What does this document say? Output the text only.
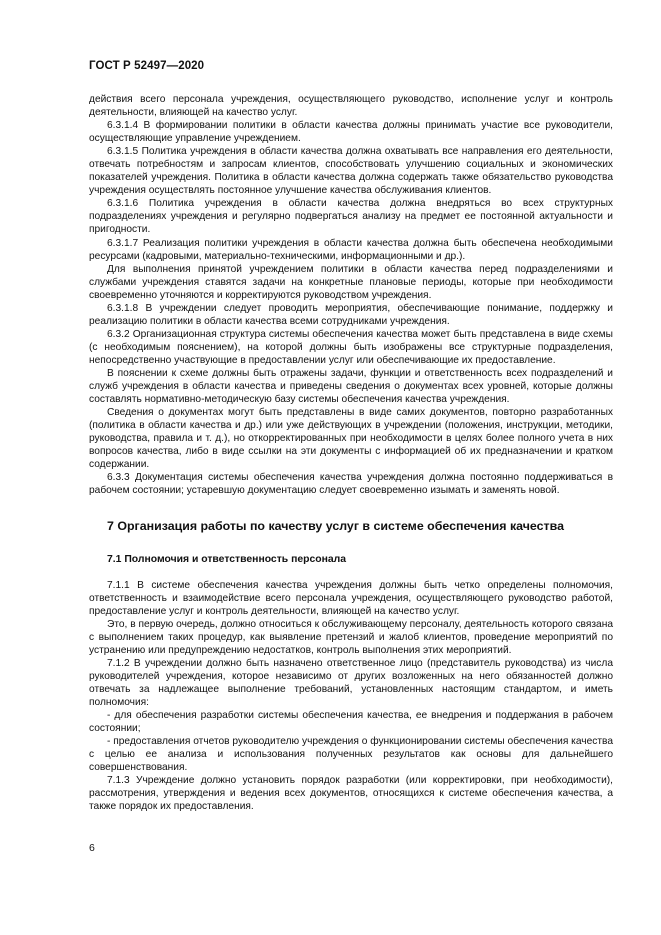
ГОСТ Р 52497—2020

действия всего персонала учреждения, осуществляющего руководство, исполнение услуг и контроль деятельности, влияющей на качество услуг.

6.3.1.4 В формировании политики в области качества должны принимать участие все руководители, осуществляющие управление учреждением.

6.3.1.5 Политика учреждения в области качества должна охватывать все направления его деятельности, отвечать потребностям и запросам клиентов, способствовать улучшению социальных и экономических показателей учреждения. Политика в области качества должна содержать также обязательство руководства учреждения осуществлять постоянное улучшение качества обслуживания клиентов.

6.3.1.6 Политика учреждения в области качества должна внедряться во всех структурных подразделениях учреждения и регулярно подвергаться анализу на предмет ее постоянной актуальности и пригодности.

6.3.1.7 Реализация политики учреждения в области качества должна быть обеспечена необходимыми ресурсами (кадровыми, материально-техническими, информационными и др.).

Для выполнения принятой учреждением политики в области качества перед подразделениями и службами учреждения ставятся задачи на конкретные плановые периоды, которые при необходимости своевременно уточняются и корректируются руководством учреждения.

6.3.1.8 В учреждении следует проводить мероприятия, обеспечивающие понимание, поддержку и реализацию политики в области качества всеми сотрудниками учреждения.

6.3.2 Организационная структура системы обеспечения качества может быть представлена в виде схемы (с необходимым пояснением), на которой должны быть изображены все структурные подразделения, непосредственно участвующие в предоставлении услуг или обеспечивающие их предоставление.

В пояснении к схеме должны быть отражены задачи, функции и ответственность всех подразделений и служб учреждения в области качества и приведены сведения о документах всех уровней, которые должны составлять нормативно-методическую базу системы обеспечения качества учреждения.

Сведения о документах могут быть представлены в виде самих документов, повторно разработанных (политика в области качества и др.) или уже действующих в учреждении (положения, инструкции, методики, руководства, правила и т. д.), но откорректированных при необходимости в целях более полного учета в них вопросов качества, либо в виде ссылки на эти документы с информацией об их предназначении и кратком содержании.

6.3.3 Документация системы обеспечения качества учреждения должна постоянно поддерживаться в рабочем состоянии; устаревшую документацию следует своевременно изымать и заменять новой.

7 Организация работы по качеству услуг в системе обеспечения качества

7.1 Полномочия и ответственность персонала

7.1.1 В системе обеспечения качества учреждения должны быть четко определены полномочия, ответственность и взаимодействие всего персонала учреждения, осуществляющего руководство работой, предоставление услуг и контроль деятельности, влияющей на качество услуг.

Это, в первую очередь, должно относиться к обслуживающему персоналу, деятельность которого связана с выполнением таких процедур, как выявление претензий и жалоб клиентов, проведение мероприятий по устранению или предупреждению недостатков, контроль выполнения этих мероприятий.

7.1.2 В учреждении должно быть назначено ответственное лицо (представитель руководства) из числа руководителей учреждения, которое независимо от других возложенных на него обязанностей должно отвечать за надлежащее выполнение требований, установленных настоящим стандартом, и иметь полномочия:

- для обеспечения разработки системы обеспечения качества, ее внедрения и поддержания в рабочем состоянии;

- предоставления отчетов руководителю учреждения о функционировании системы обеспечения качества с целью ее анализа и использования полученных результатов как основы для дальнейшего совершенствования.

7.1.3 Учреждение должно установить порядок разработки (или корректировки, при необходимости), рассмотрения, утверждения и ведения всех документов, относящихся к системе обеспечения качества, а также порядок их предоставления.

6
